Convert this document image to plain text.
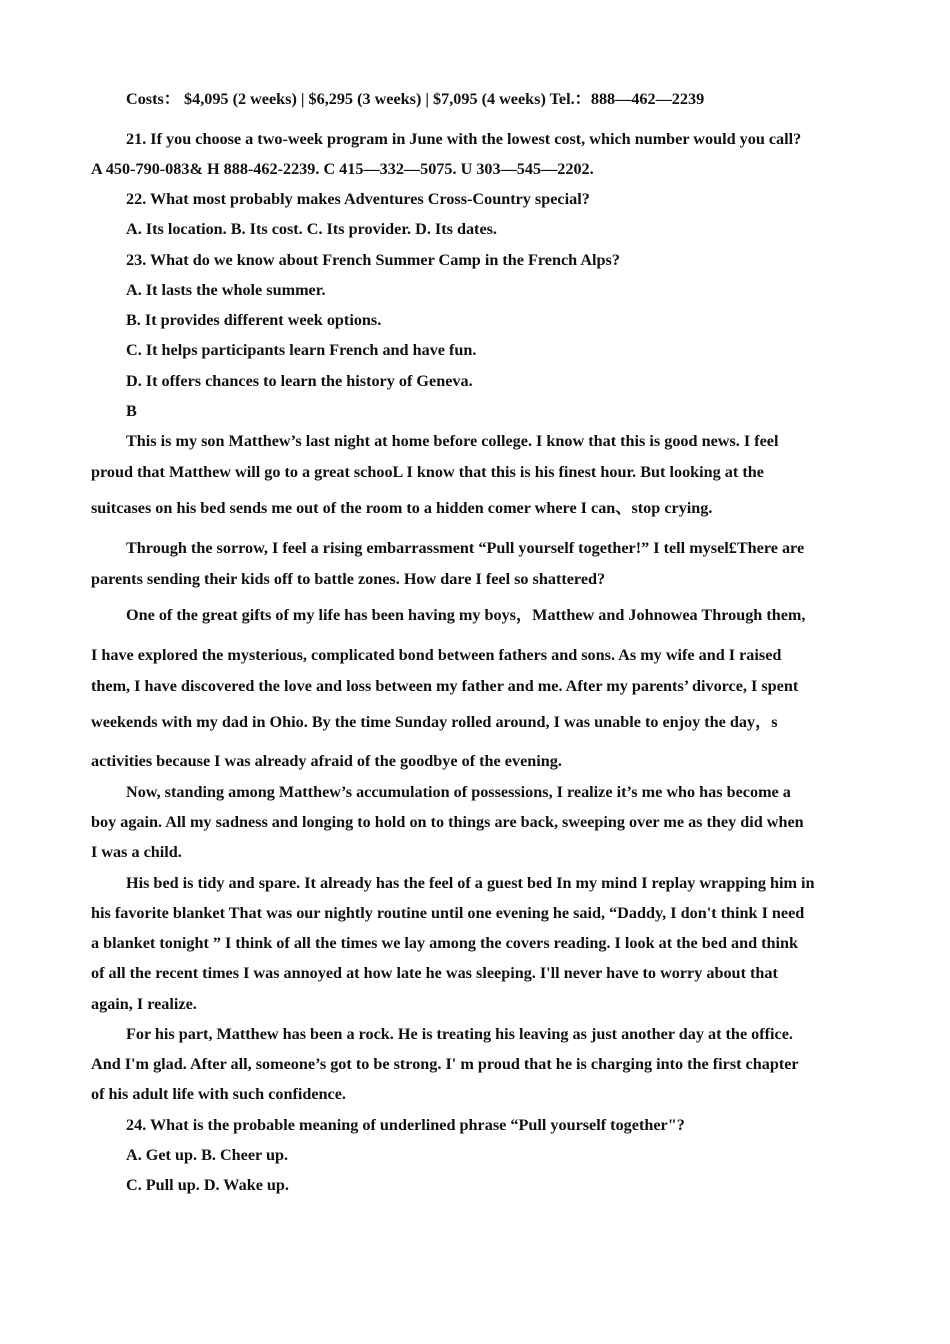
Costs： $4,095 (2 weeks) | $6,295 (3 weeks) | $7,095 (4 weeks) Tel.：888—462—2239
21. If you choose a two-week program in June with the lowest cost, which number would you call?
A 450-790-083& H 888-462-2239. C 415—332—5075. U 303—545—2202.
22. What most probably makes Adventures Cross-Country special?
A. Its location. B. Its cost. C. Its provider. D. Its dates.
23. What do we know about French Summer Camp in the French Alps?
A. It lasts the whole summer.
B. It provides different week options.
C. It helps participants learn French and have fun.
D. It offers chances to learn the history of Geneva.
B
This is my son Matthew’s last night at home before college. I know that this is good news. I feel
proud that Matthew will go to a great schooL I know that this is his finest hour. But looking at the
suitcases on his bed sends me out of the room to a hidden comer where I can、stop crying.
Through the sorrow, I feel a rising embarrassment “Pull yourself together!” I tell mysel£There are
parents sending their kids off to battle zones. How dare I feel so shattered?
One of the great gifts of my life has been having my boys，Matthew and Johnowea Through them,
I have explored the mysterious, complicated bond between fathers and sons. As my wife and I raised
them, I have discovered the love and loss between my father and me. After my parents’ divorce, I spent
weekends with my dad in Ohio. By the time Sunday rolled around, I was unable to enjoy the day，s
activities because I was already afraid of the goodbye of the evening.
Now, standing among Matthew’s accumulation of possessions, I realize it’s me who has become a
boy again. All my sadness and longing to hold on to things are back, sweeping over me as they did when
I was a child.
His bed is tidy and spare. It already has the feel of a guest bed In my mind I replay wrapping him in
his favorite blanket That was our nightly routine until one evening he said, “Daddy, I don't think I need
a blanket tonight ” I think of all the times we lay among the covers reading. I look at the bed and think
of all the recent times I was annoyed at how late he was sleeping. I'll never have to worry about that
again, I realize.
For his part, Matthew has been a rock. He is treating his leaving as just another day at the office.
And I'm glad. After all, someone’s got to be strong. I' m proud that he is charging into the first chapter
of his adult life with such confidence.
24. What is the probable meaning of underlined phrase “Pull yourself together"?
A. Get up. B. Cheer up.
C. Pull up. D. Wake up.
